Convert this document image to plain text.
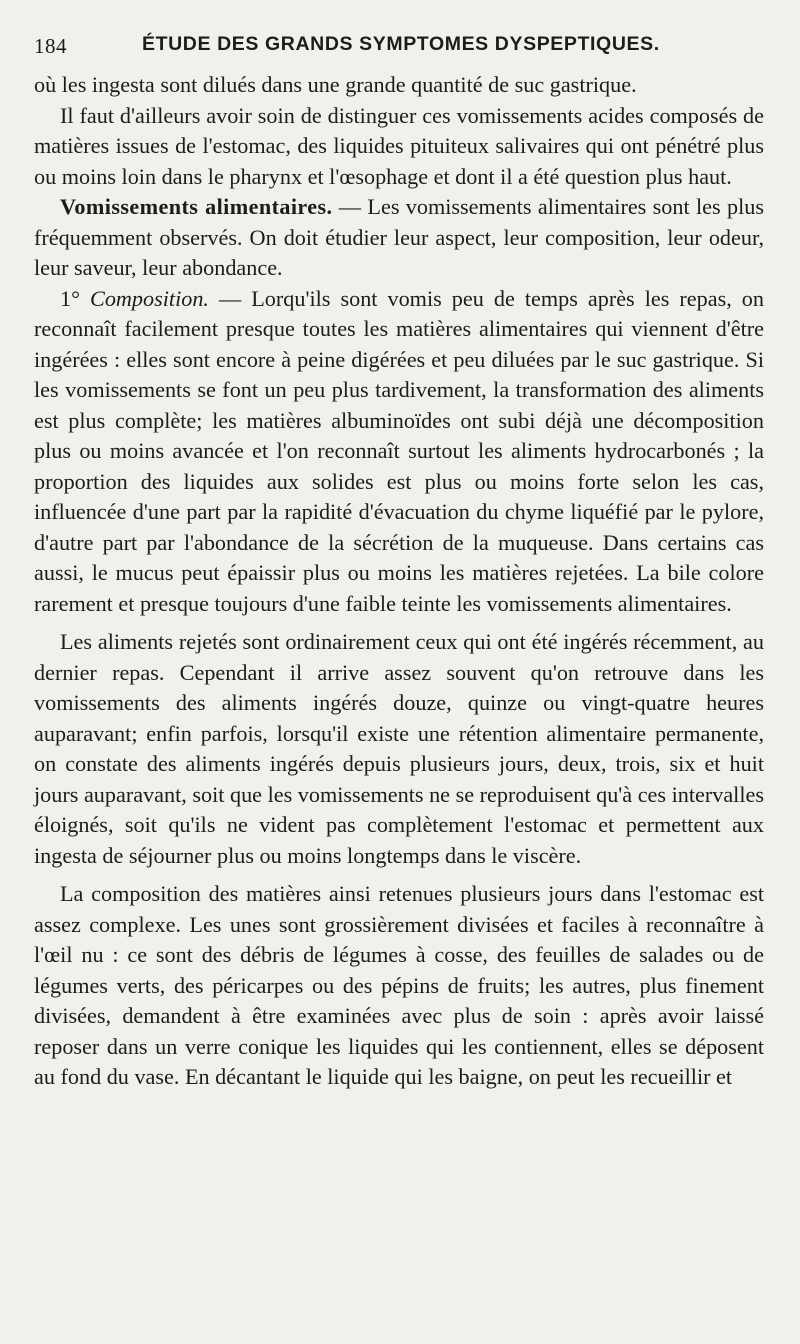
184	ÉTUDE DES GRANDS SYMPTOMES DYSPEPTIQUES.

où les ingesta sont dilués dans une grande quantité de suc gastrique.

Il faut d'ailleurs avoir soin de distinguer ces vomissements acides composés de matières issues de l'estomac, des liquides pituiteux salivaires qui ont pénétré plus ou moins loin dans le pharynx et l'œsophage et dont il a été question plus haut.

Vomissements alimentaires. — Les vomissements alimentaires sont les plus fréquemment observés. On doit étudier leur aspect, leur composition, leur odeur, leur saveur, leur abondance.

1° Composition. — Lorqu'ils sont vomis peu de temps après les repas, on reconnaît facilement presque toutes les matières alimentaires qui viennent d'être ingérées : elles sont encore à peine digérées et peu diluées par le suc gastrique. Si les vomissements se font un peu plus tardivement, la transformation des aliments est plus complète; les matières albuminoïdes ont subi déjà une décomposition plus ou moins avancée et l'on reconnaît surtout les aliments hydrocarbonés ; la proportion des liquides aux solides est plus ou moins forte selon les cas, influencée d'une part par la rapidité d'évacuation du chyme liquéfié par le pylore, d'autre part par l'abondance de la sécrétion de la muqueuse. Dans certains cas aussi, le mucus peut épaissir plus ou moins les matières rejetées. La bile colore rarement et presque toujours d'une faible teinte les vomissements alimentaires.

Les aliments rejetés sont ordinairement ceux qui ont été ingérés récemment, au dernier repas. Cependant il arrive assez souvent qu'on retrouve dans les vomissements des aliments ingérés douze, quinze ou vingt-quatre heures auparavant; enfin parfois, lorsqu'il existe une rétention alimentaire permanente, on constate des aliments ingérés depuis plusieurs jours, deux, trois, six et huit jours auparavant, soit que les vomissements ne se reproduisent qu'à ces intervalles éloignés, soit qu'ils ne vident pas complètement l'estomac et permettent aux ingesta de séjourner plus ou moins longtemps dans le viscère.

La composition des matières ainsi retenues plusieurs jours dans l'estomac est assez complexe. Les unes sont grossièrement divisées et faciles à reconnaître à l'œil nu : ce sont des débris de légumes à cosse, des feuilles de salades ou de légumes verts, des péricarpes ou des pépins de fruits; les autres, plus finement divisées, demandent à être examinées avec plus de soin : après avoir laissé reposer dans un verre conique les liquides qui les contiennent, elles se déposent au fond du vase. En décantant le liquide qui les baigne, on peut les recueillir et
